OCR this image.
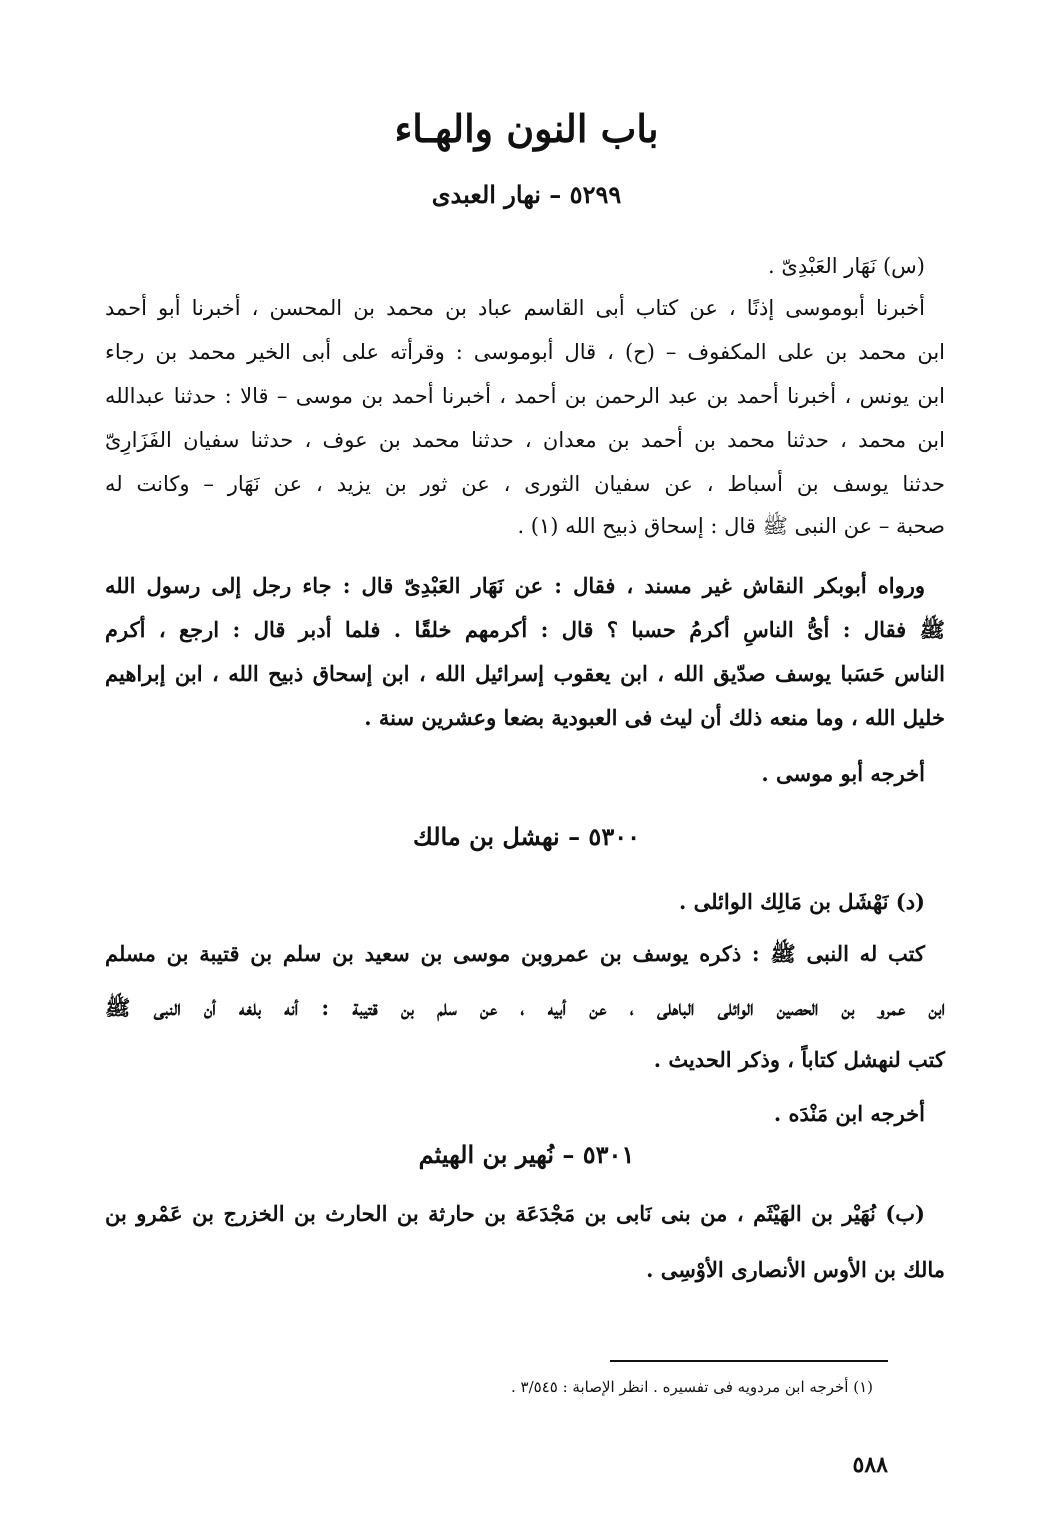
باب النون والهـاء
٥٢٩٩ – نهار العبدى

(س) نَهَار العَبْدِىّ .

أخبرنا أبوموسى إذنًا ، عن كتاب أبى القاسم عباد بن محمد بن المحسن ، أخبرنا أبو أحمد

ابن محمد بن على المكفوف – (ح) ، قال أبوموسى : وقرأته على أبى الخير محمد بن رجاء

ابن يونس ، أخبرنا أحمد بن عبد الرحمن بن أحمد ، أخبرنا أحمد بن موسى – قالا : حدثنا عبدالله

ابن محمد ، حدثنا محمد بن أحمد بن معدان ، حدثنا محمد بن عوف ، حدثنا سفيان الفَزَارِىّ

حدثنا يوسف بن أسباط ، عن سفيان الثورى ، عن ثور بن يزيد ، عن نَهَار – وكانت له

صحبة – عن النبى ﷺ قال : إسحاق ذبيح الله (١) .

ورواه أبوبكر النقاش غير مسند ، فقال : عن نَهَار العَبْدِىّ قال : جاء رجل إلى رسول الله

ﷺ فقال : أىُّ الناسِ أكرمُ حسبا ؟ قال : أكرمهم خلقًا . فلما أدبر قال : ارجع ، أكرم

الناس حَسَبا يوسف صدّيق الله ، ابن يعقوب إسرائيل الله ، ابن إسحاق ذبيح الله ، ابن إبراهيم

خليل الله ، وما منعه ذلك أن ليث فى العبودية بضعا وعشرين سنة .

أخرجه أبو موسى .

٥٣٠٠ – نهشل بن مالك

(د) نَهْشَل بن مَالِك الوائلى .

كتب له النبى ﷺ : ذكره يوسف بن عمروبن موسى بن سعيد بن سلم بن قتيبة بن مسلم

ابن عمرو بن الحصين الوائلى الباهلى ، عن أبيه ، عن سلم بن قتيبة : أنه بلغه أن النبى ﷺ

كتب لنهشل كتاباً ، وذكر الحديث .

أخرجه ابن مَنْدَه .

٥٣٠١ – نُهير بن الهيثم

(ب) نُهَيْر بن الهَيْثَم ، من بنى نَابى بن مَجْدَعَة بن حارثة بن الحارث بن الخزرج بن عَمْرو بن

مالك بن الأوس الأنصارى الأوْسِى .

(١) أخرجه ابن مردويه فى تفسيره . انظر الإصابة : ٣/٥٤٥ .

٥٨٨
